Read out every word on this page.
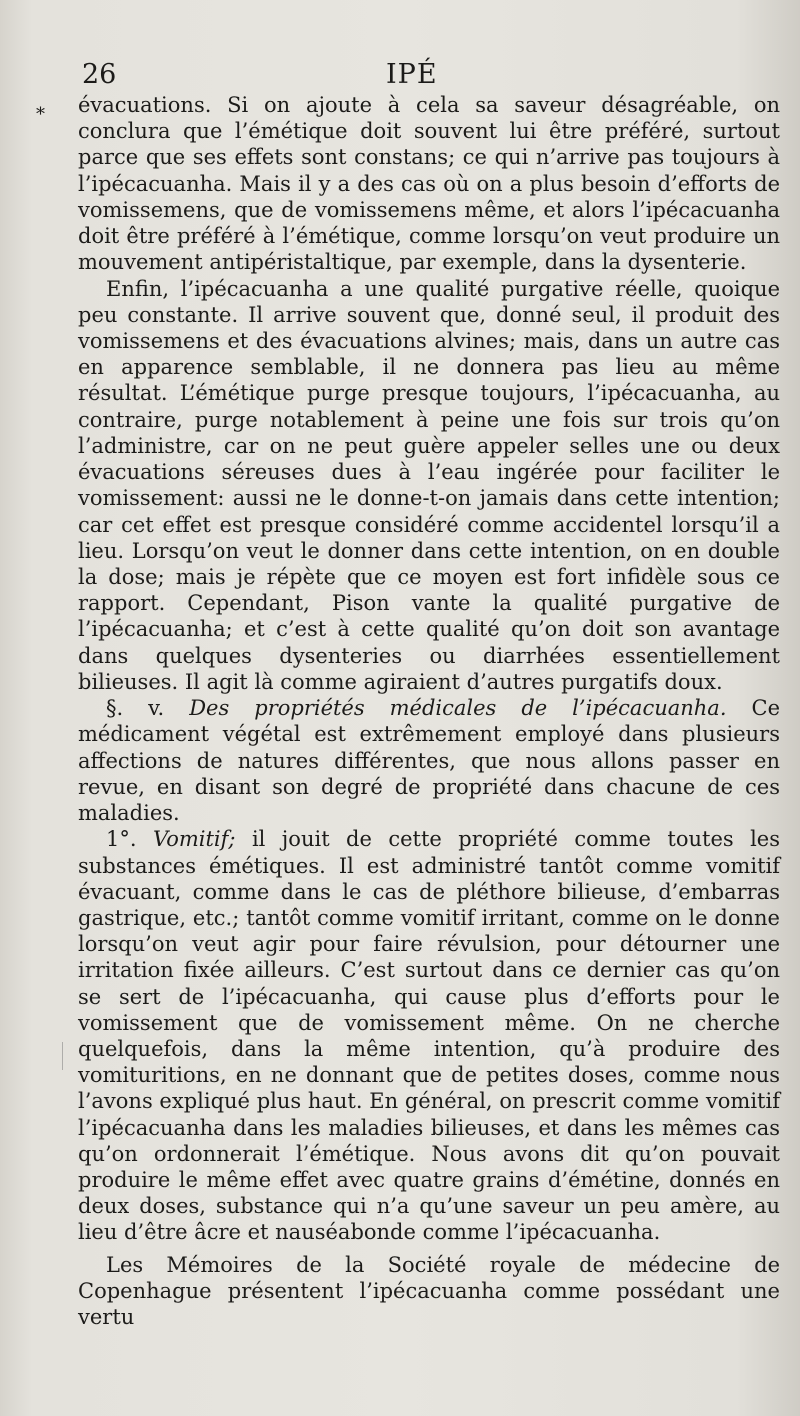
26	IPÉ
* évacuations. Si on ajoute à cela sa saveur désagréable, on conclura que l’émétique doit souvent lui être préféré, surtout parce que ses effets sont constans; ce qui n’arrive pas toujours à l’ipécacuanha. Mais il y a des cas où on a plus besoin d’efforts de vomissemens, que de vomissemens même, et alors l’ipécacuanha doit être préféré à l’émétique, comme lorsqu’on veut produire un mouvement antipéristaltique, par exemple, dans la dysenterie.

Enfin, l’ipécacuanha a une qualité purgative réelle, quoique peu constante. Il arrive souvent que, donné seul, il produit des vomissemens et des évacuations alvines; mais, dans un autre cas en apparence semblable, il ne donnera pas lieu au même résultat. L’émétique purge presque toujours, l’ipécacuanha, au contraire, purge notablement à peine une fois sur trois qu’on l’administre, car on ne peut guère appeler selles une ou deux évacuations séreuses dues à l’eau ingérée pour faciliter le vomissement: aussi ne le donne-t-on jamais dans cette intention; car cet effet est presque considéré comme accidentel lorsqu’il a lieu. Lorsqu’on veut le donner dans cette intention, on en double la dose; mais je répète que ce moyen est fort infidèle sous ce rapport. Cependant, Pison vante la qualité purgative de l’ipécacuanha; et c’est à cette qualité qu’on doit son avantage dans quelques dysenteries ou diarrhées essentiellement bilieuses. Il agit là comme agiraient d’autres purgatifs doux.

§. v. Des propriétés médicales de l’ipécacuanha. Ce médicament végétal est extrêmement employé dans plusieurs affections de natures différentes, que nous allons passer en revue, en disant son degré de propriété dans chacune de ces maladies.

1°. Vomitif; il jouit de cette propriété comme toutes les substances émétiques. Il est administré tantôt comme vomitif évacuant, comme dans le cas de pléthore bilieuse, d’embarras gastrique, etc.; tantôt comme vomitif irritant, comme on le donne lorsqu’on veut agir pour faire révulsion, pour détourner une irritation fixée ailleurs. C’est surtout dans ce dernier cas qu’on se sert de l’ipécacuanha, qui cause plus d’efforts pour le vomissement que de vomissement même. On ne cherche quelquefois, dans la même intention, qu’à produire des vomituritions, en ne donnant que de petites doses, comme nous l’avons expliqué plus haut. En général, on prescrit comme vomitif l’ipécacuanha dans les maladies bilieuses, et dans les mêmes cas qu’on ordonnerait l’émétique. Nous avons dit qu’on pouvait produire le même effet avec quatre grains d’émétine, donnés en deux doses, substance qui n’a qu’une saveur un peu amère, au lieu d’être âcre et nauséabonde comme l’ipécacuanha.

Les Mémoires de la Société royale de médecine de Copenhague présentent l’ipécacuanha comme possédant une vertu
